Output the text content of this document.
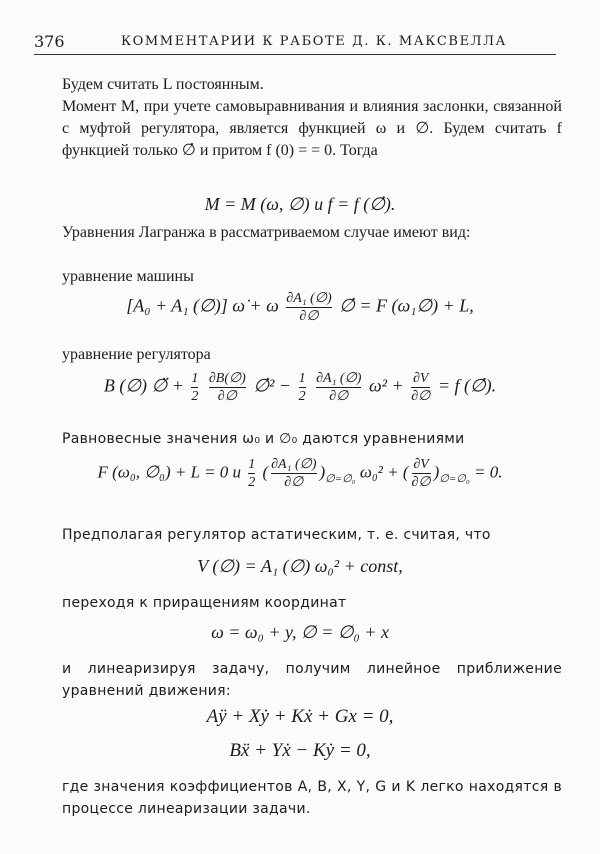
376	КОММЕНТАРИИ К РАБОТЕ Д. К. МАКСВЕЛЛА
Будем считать L постоянным.
Момент M, при учете самовыравнивания и влияния заслонки, связанной с муфтой регулятора, является функцией ω и ∅. Будем считать f функцией только ∅̇ и притом f (0) = = 0. Тогда
M = M (ω, ∅) и f = f (∅̇).
Уравнения Лагранжа в рассматриваемом случае имеют вид:
уравнение машины
[A₀ + A₁ (∅)] ω̇ + ω $\frac{\text{∂A₁ (∅)}}{\partial\emptyset}$ ∅̇ = F (ω₁∅) + L,
уравнение регулятора
B (∅) ∅̈ + $\frac{1}{2}$
$\frac{\partial B(\emptyset)}{\partial\emptyset}$ ∅̇² − $\frac{1}{2}$
$\frac{\text{∂A₁ (∅)}}{\partial\emptyset} \omega^2 + \frac{\partial V}{\partial\emptyset} = f$ (∅̇).
Равновесные значения ω₀ и ∅₀ даются уравнениями
F (ω₀, ∅₀) + L = 0 и $\frac{1}{2}$ ( $\frac{\text{∂A₁ (∅)}}{\partial\emptyset} )_{\emptyset=\emptyset_0}$ ω₀² + ( $\frac{\partial V}{\partial\emptyset} )_{\emptyset=\emptyset_0} = 0$.
Предполагая регулятор астатическим, т. е. считая, что
V (∅) = A₁ (∅) ω₀² + const,
переходя к приращениям координат
ω = ω₀ + y, ∅ = ∅₀ + x
и линеаризируя задачу, получим линейное приближение уравнений движения:
Aÿ + Xẏ + Kẋ + Gx = 0,
Bẍ + Yẋ − Kẏ = 0,
где значения коэффициентов A, B, X, Y, G и K легко находятся в процессе линеаризации задачи.
